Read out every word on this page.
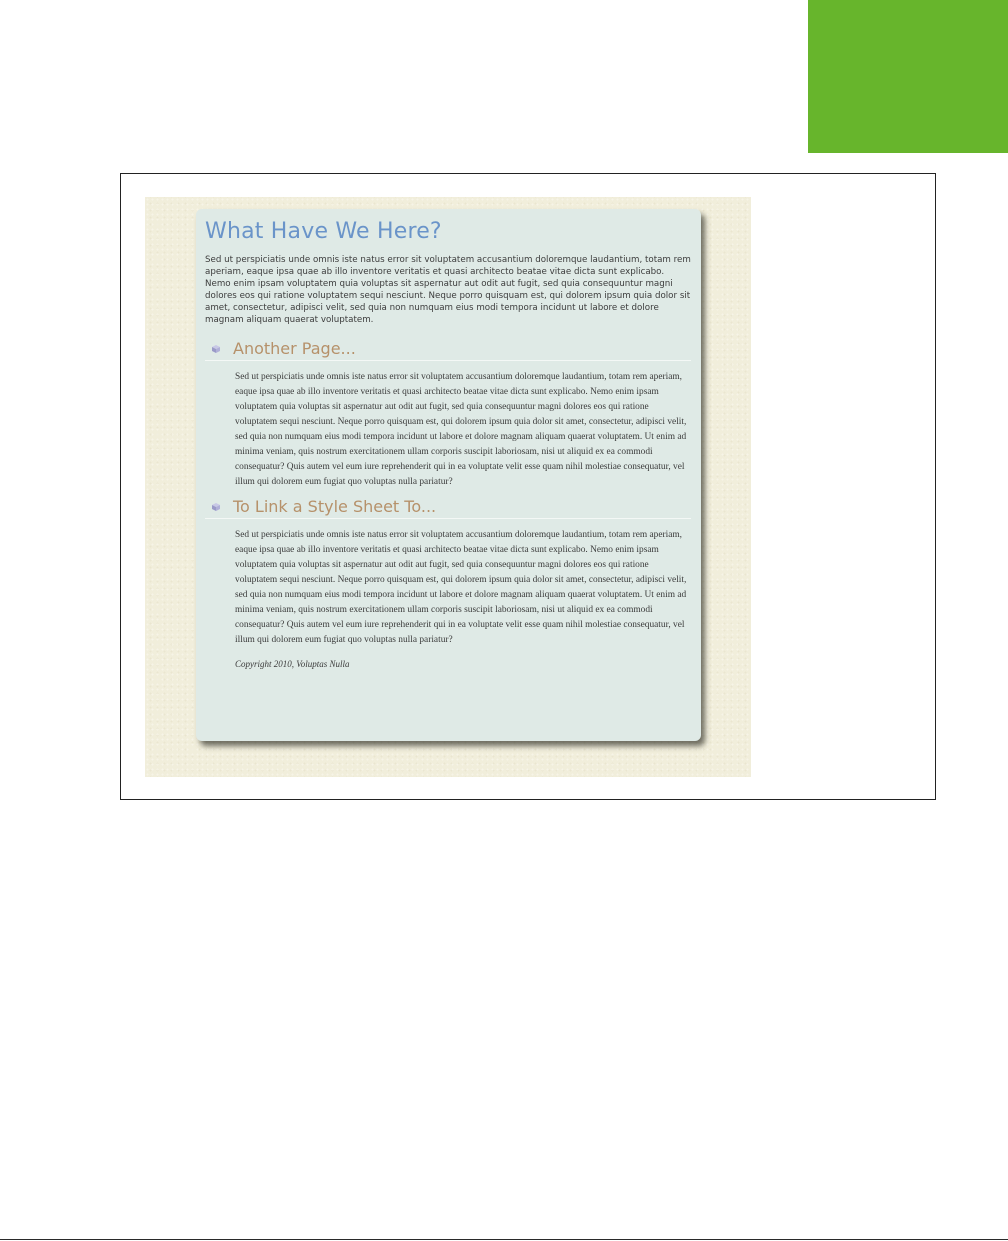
What Have We Here?

Sed ut perspiciatis unde omnis iste natus error sit voluptatem accusantium doloremque laudantium, totam rem aperiam, eaque ipsa quae ab illo inventore veritatis et quasi architecto beatae vitae dicta sunt explicabo. Nemo enim ipsam voluptatem quia voluptas sit aspernatur aut odit aut fugit, sed quia consequuntur magni dolores eos qui ratione voluptatem sequi nesciunt. Neque porro quisquam est, qui dolorem ipsum quia dolor sit amet, consectetur, adipisci velit, sed quia non numquam eius modi tempora incidunt ut labore et dolore magnam aliquam quaerat voluptatem.

Another Page...

Sed ut perspiciatis unde omnis iste natus error sit voluptatem accusantium doloremque laudantium, totam rem aperiam, eaque ipsa quae ab illo inventore veritatis et quasi architecto beatae vitae dicta sunt explicabo. Nemo enim ipsam voluptatem quia voluptas sit aspernatur aut odit aut fugit, sed quia consequuntur magni dolores eos qui ratione voluptatem sequi nesciunt. Neque porro quisquam est, qui dolorem ipsum quia dolor sit amet, consectetur, adipisci velit, sed quia non numquam eius modi tempora incidunt ut labore et dolore magnam aliquam quaerat voluptatem. Ut enim ad minima veniam, quis nostrum exercitationem ullam corporis suscipit laboriosam, nisi ut aliquid ex ea commodi consequatur? Quis autem vel eum iure reprehenderit qui in ea voluptate velit esse quam nihil molestiae consequatur, vel illum qui dolorem eum fugiat quo voluptas nulla pariatur?

To Link a Style Sheet To...

Sed ut perspiciatis unde omnis iste natus error sit voluptatem accusantium doloremque laudantium, totam rem aperiam, eaque ipsa quae ab illo inventore veritatis et quasi architecto beatae vitae dicta sunt explicabo. Nemo enim ipsam voluptatem quia voluptas sit aspernatur aut odit aut fugit, sed quia consequuntur magni dolores eos qui ratione voluptatem sequi nesciunt. Neque porro quisquam est, qui dolorem ipsum quia dolor sit amet, consectetur, adipisci velit, sed quia non numquam eius modi tempora incidunt ut labore et dolore magnam aliquam quaerat voluptatem. Ut enim ad minima veniam, quis nostrum exercitationem ullam corporis suscipit laboriosam, nisi ut aliquid ex ea commodi consequatur? Quis autem vel eum iure reprehenderit qui in ea voluptate velit esse quam nihil molestiae consequatur, vel illum qui dolorem eum fugiat quo voluptas nulla pariatur?

Copyright 2010, Voluptas Nulla
